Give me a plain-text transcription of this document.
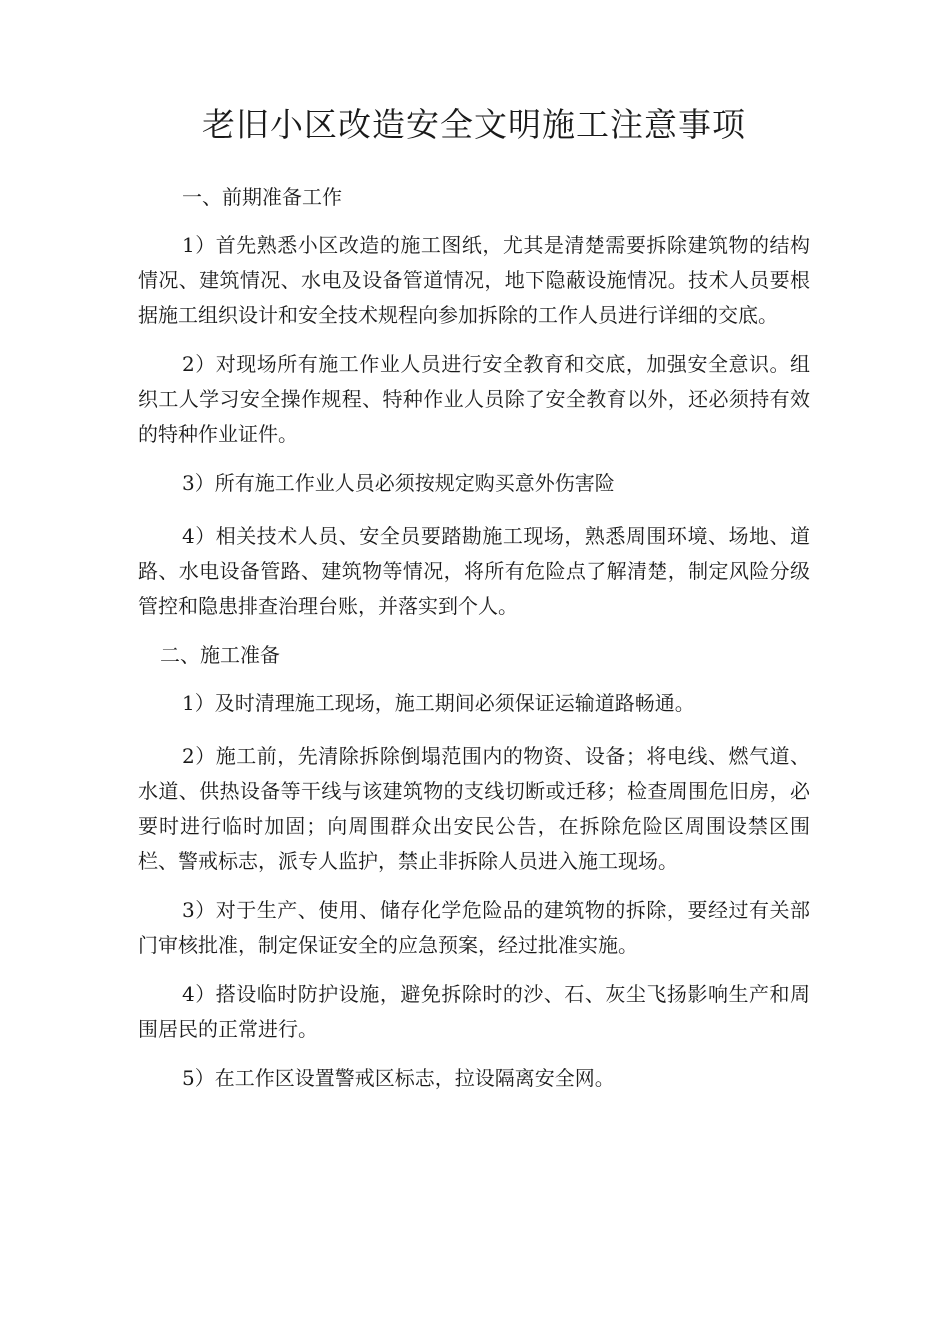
老旧小区改造安全文明施工注意事项

一、前期准备工作

1）首先熟悉小区改造的施工图纸，尤其是清楚需要拆除建筑物的结构情况、建筑情况、水电及设备管道情况，地下隐蔽设施情况。技术人员要根据施工组织设计和安全技术规程向参加拆除的工作人员进行详细的交底。

2）对现场所有施工作业人员进行安全教育和交底，加强安全意识。组织工人学习安全操作规程、特种作业人员除了安全教育以外，还必须持有效的特种作业证件。

3）所有施工作业人员必须按规定购买意外伤害险

4）相关技术人员、安全员要踏勘施工现场，熟悉周围环境、场地、道路、水电设备管路、建筑物等情况，将所有危险点了解清楚，制定风险分级管控和隐患排查治理台账，并落实到个人。

二、施工准备

1）及时清理施工现场，施工期间必须保证运输道路畅通。

2）施工前，先清除拆除倒塌范围内的物资、设备；将电线、燃气道、水道、供热设备等干线与该建筑物的支线切断或迁移；检查周围危旧房，必要时进行临时加固；向周围群众出安民公告，在拆除危险区周围设禁区围栏、警戒标志，派专人监护，禁止非拆除人员进入施工现场。

3）对于生产、使用、储存化学危险品的建筑物的拆除，要经过有关部门审核批准，制定保证安全的应急预案，经过批准实施。

4）搭设临时防护设施，避免拆除时的沙、石、灰尘飞扬影响生产和周围居民的正常进行。

5）在工作区设置警戒区标志，拉设隔离安全网。
